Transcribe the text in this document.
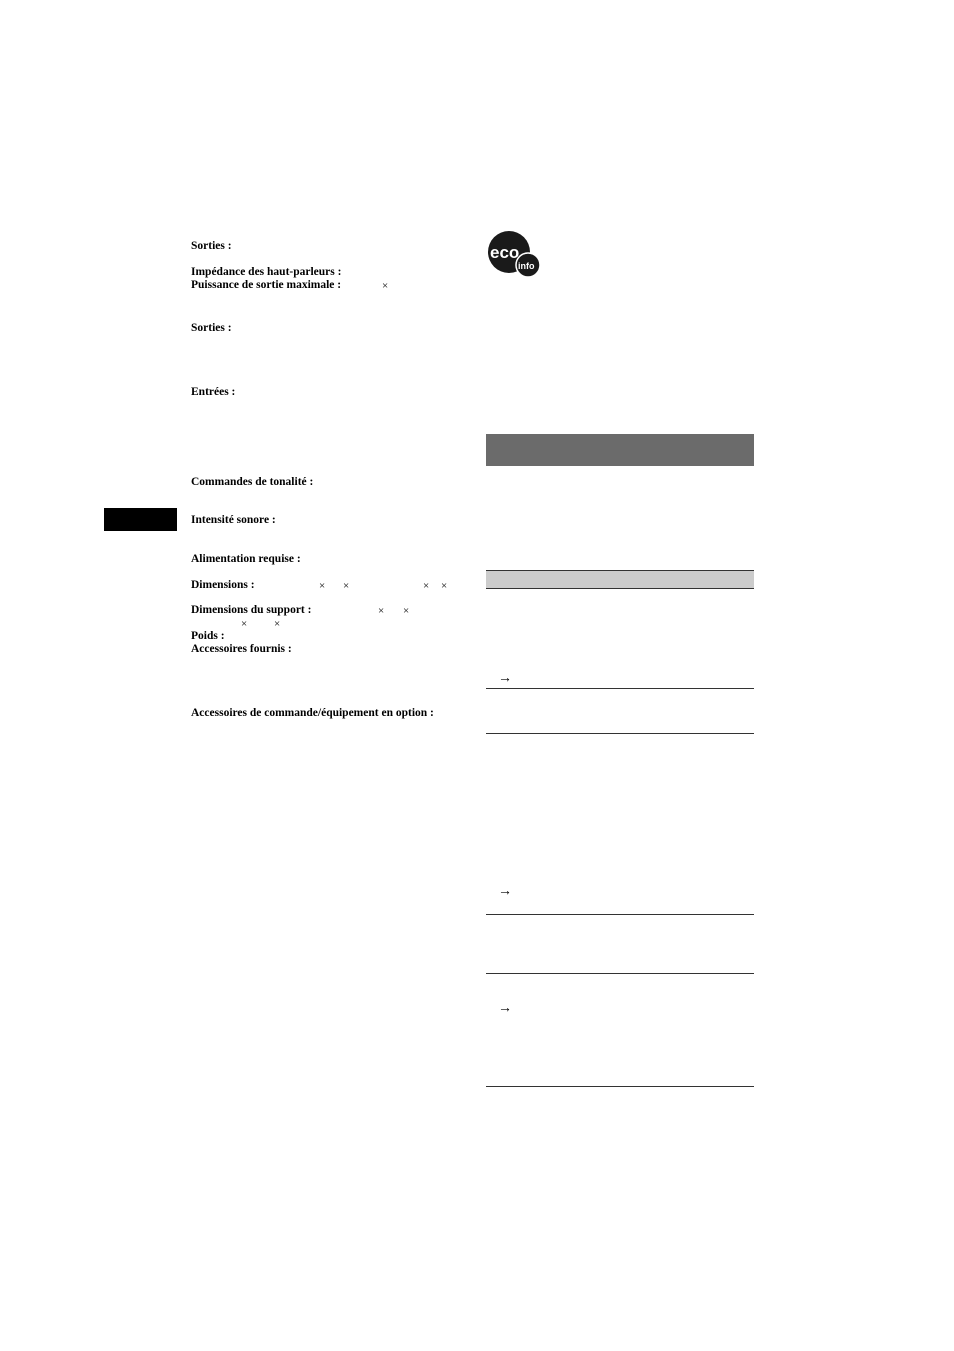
Sorties :
Impédance des haut-parleurs :
Puissance de sortie maximale :	×
Sorties :
Entrées :
Commandes de tonalité :
Intensité sonore :
Alimentation requise :
Dimensions :	× ×	× ×
Dimensions du support :	× ×
× ×
Poids :
Accessoires fournis :
Accessoires de commande/équipement en option :
eco
info
→
→
→
